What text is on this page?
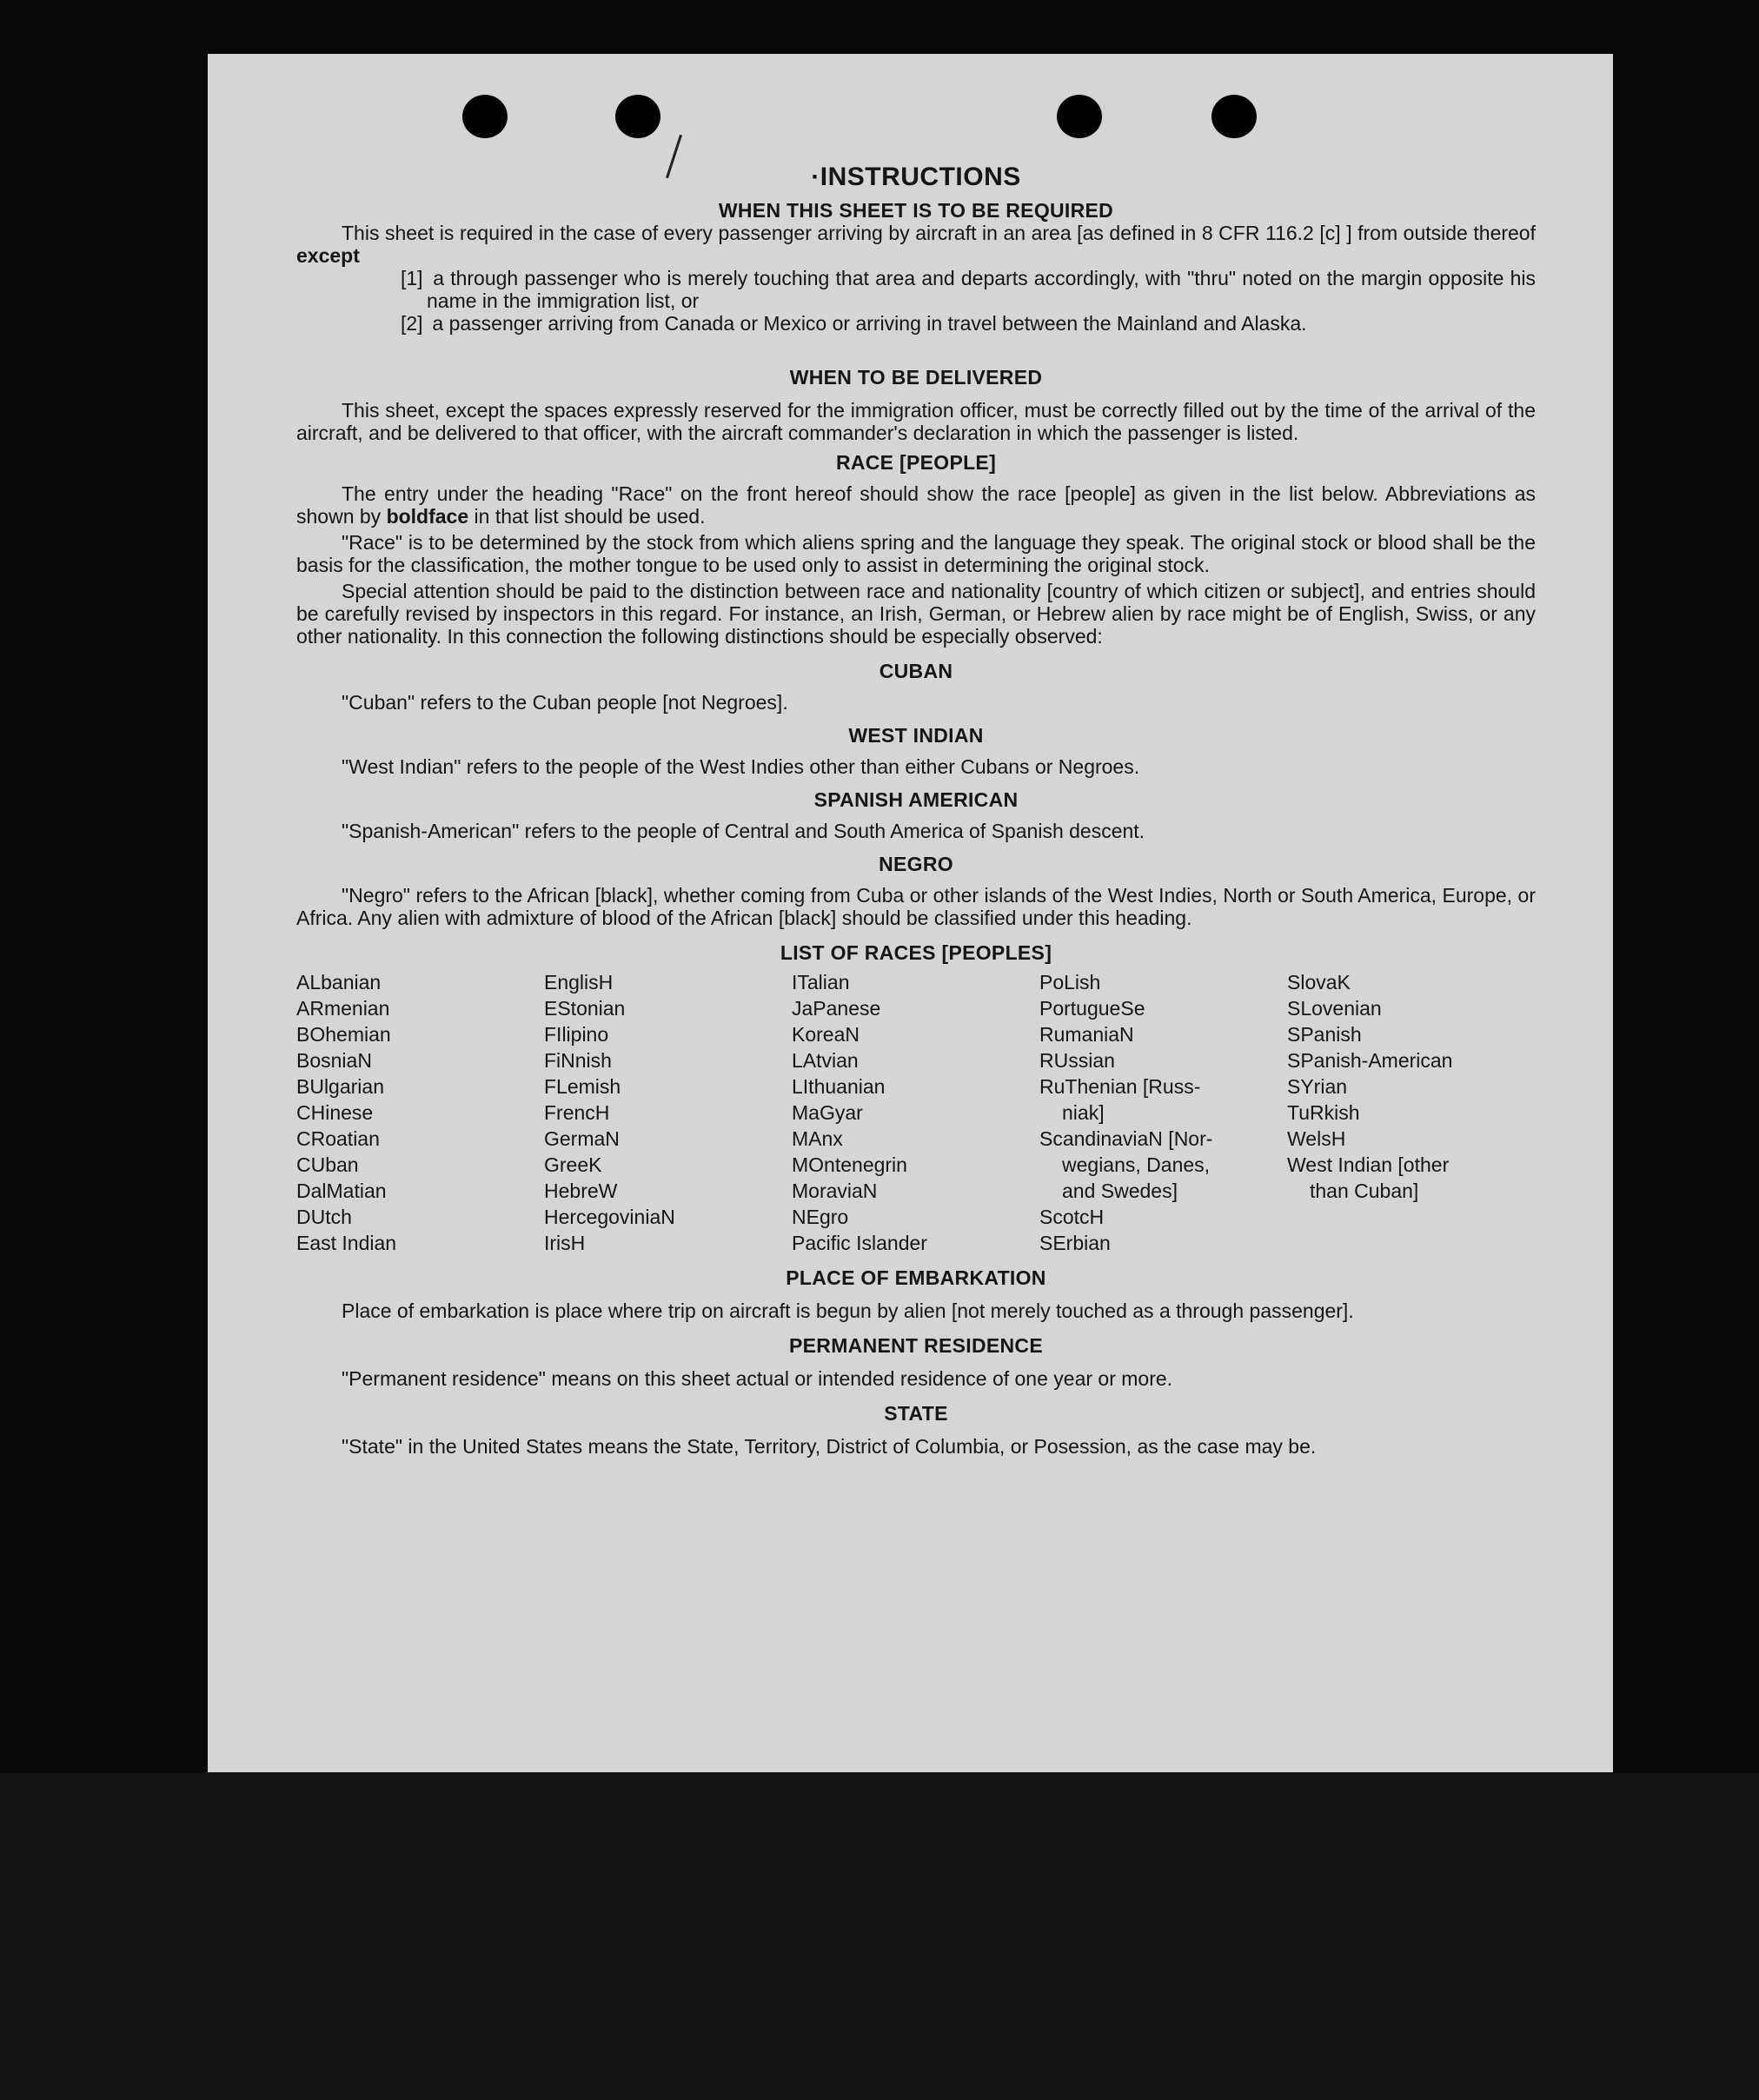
·INSTRUCTIONS
WHEN THIS SHEET IS TO BE REQUIRED

This sheet is required in the case of every passenger arriving by aircraft in an area [as defined in 8 CFR 116.2 [c] ] from outside thereof except

[1] a through passenger who is merely touching that area and departs accordingly, with "thru" noted on the margin opposite his name in the immigration list, or

[2] a passenger arriving from Canada or Mexico or arriving in travel between the Mainland and Alaska.

WHEN TO BE DELIVERED

This sheet, except the spaces expressly reserved for the immigration officer, must be correctly filled out by the time of the arrival of the aircraft, and be delivered to that officer, with the aircraft commander's declaration in which the passenger is listed.

RACE [PEOPLE]

The entry under the heading "Race" on the front hereof should show the race [people] as given in the list below. Abbreviations as shown by boldface in that list should be used.

"Race" is to be determined by the stock from which aliens spring and the language they speak. The original stock or blood shall be the basis for the classification, the mother tongue to be used only to assist in determining the original stock.

Special attention should be paid to the distinction between race and nationality [country of which citizen or subject], and entries should be carefully revised by inspectors in this regard. For instance, an Irish, German, or Hebrew alien by race might be of English, Swiss, or any other nationality. In this connection the following distinctions should be especially observed:

CUBAN

"Cuban" refers to the Cuban people [not Negroes].

WEST INDIAN

"West Indian" refers to the people of the West Indies other than either Cubans or Negroes.

SPANISH AMERICAN

"Spanish-American" refers to the people of Central and South America of Spanish descent.

NEGRO

"Negro" refers to the African [black], whether coming from Cuba or other islands of the West Indies, North or South America, Europe, or Africa. Any alien with admixture of blood of the African [black] should be classified under this heading.

LIST OF RACES [PEOPLES]
ALbanian
ARmenian
BOhemian
BosniaN
BUlgarian
CHinese
CRoatian
CUban
DalMatian
DUtch
East Indian
EnglisH
EStonian
FIlipino
FiNnish
FLemish
FrencH
GermaN
GreeK
HebreW
HercegoviniaN
IrisH
ITalian
JaPanese
KoreaN
LAtvian
LIthuanian
MaGyar
MAnx
MOntenegrin
MoraviaN
NEgro
Pacific Islander
PoLish
PortugueSe
RumaniaN
RUssian
RuThenian [Russ-
niak]
ScandinaviaN [Nor-
wegians, Danes,
and Swedes]
ScotcH
SErbian
SlovaK
SLovenian
SPanish
SPanish-American
SYrian
TuRkish
WelsH
West Indian [other
than Cuban]
PLACE OF EMBARKATION

Place of embarkation is place where trip on aircraft is begun by alien [not merely touched as a through passenger].

PERMANENT RESIDENCE

"Permanent residence" means on this sheet actual or intended residence of one year or more.

STATE

"State" in the United States means the State, Territory, District of Columbia, or Posession, as the case may be.
